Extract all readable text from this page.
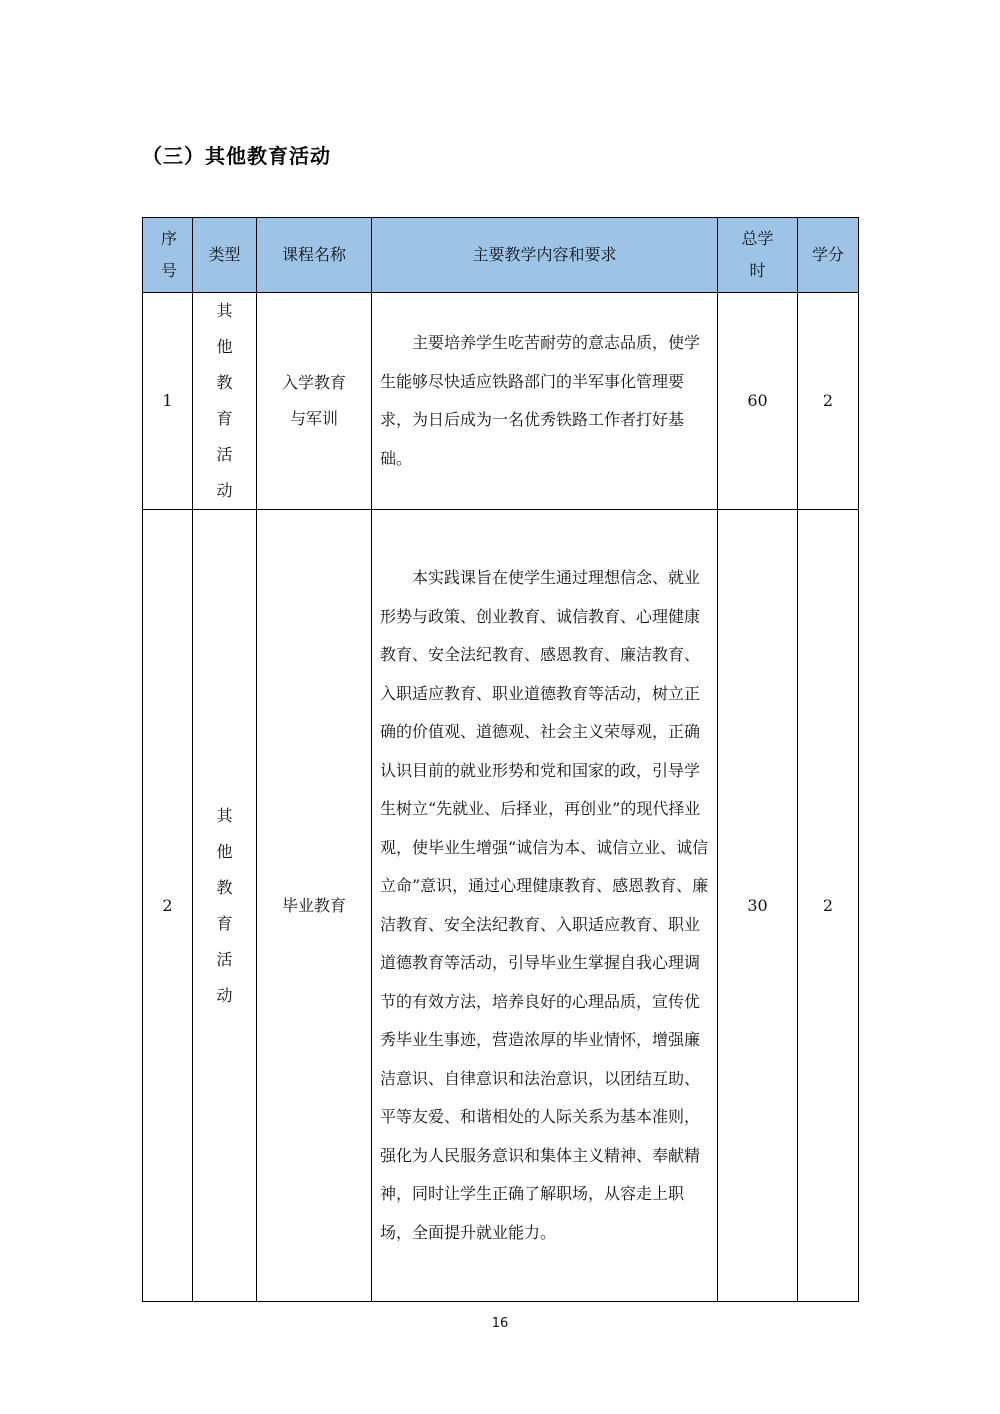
（三）其他教育活动
序号	类型	课程名称	主要教学内容和要求	总学时	学分
1	其他教育活动	入学教育与军训	主要培养学生吃苦耐劳的意志品质，使学生能够尽快适应铁路部门的半军事化管理要求，为日后成为一名优秀铁路工作者打好基础。	60	2
2	其他教育活动	毕业教育	本实践课旨在使学生通过理想信念、就业形势与政策、创业教育、诚信教育、心理健康教育、安全法纪教育、感恩教育、廉洁教育、入职适应教育、职业道德教育等活动，树立正确的价值观、道德观、社会主义荣辱观，正确认识目前的就业形势和党和国家的政，引导学生树立“先就业、后择业，再创业”的现代择业观，使毕业生增强“诚信为本、诚信立业、诚信立命”意识，通过心理健康教育、感恩教育、廉洁教育、安全法纪教育、入职适应教育、职业道德教育等活动，引导毕业生掌握自我心理调节的有效方法，培养良好的心理品质，宣传优秀毕业生事迹，营造浓厚的毕业情怀，增强廉洁意识、自律意识和法治意识，以团结互助、平等友爱、和谐相处的人际关系为基本准则，强化为人民服务意识和集体主义精神、奉献精神，同时让学生正确了解职场，从容走上职场，全面提升就业能力。	30	2
16
